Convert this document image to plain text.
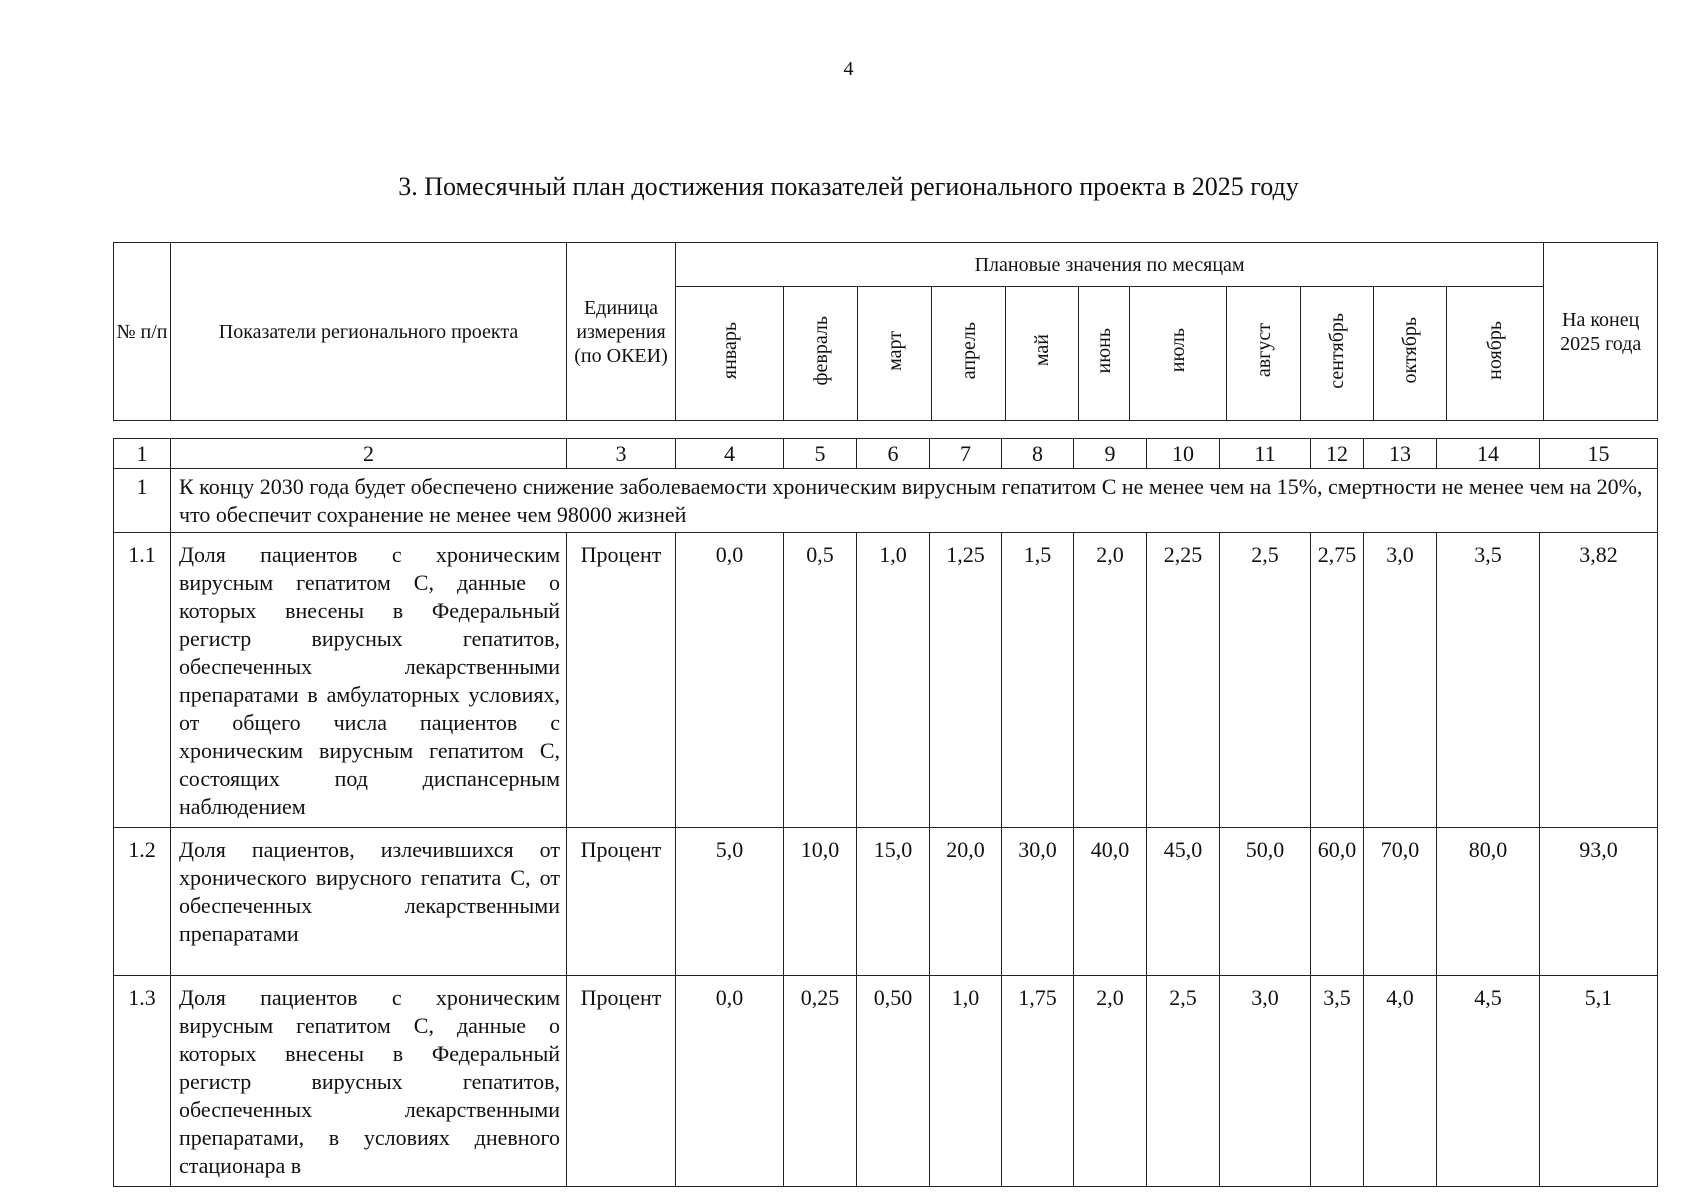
4
3. Помесячный план достижения показателей регионального проекта в 2025 году
№ п/п	Показатели регионального проекта	Единица измерения (по ОКЕИ)	Плановые значения по месяцам											На конец 2025 года
			январь	февраль	март	апрель	май	июнь	июль	август	сентябрь	октябрь	ноябрь	
1	2	3	4	5	6	7	8	9	10	11	12	13	14	15
1	К концу 2030 года будет обеспечено снижение заболеваемости хроническим вирусным гепатитом С не менее чем на 15%, смертности не менее чем на 20%, что обеспечит сохранение не менее чем 98000 жизней													
1.1	Доля пациентов с хроническим вирусным гепатитом С, данные о которых внесены в Федеральный регистр вирусных гепатитов, обеспеченных лекарственными препаратами в амбулаторных условиях, от общего числа пациентов с хроническим вирусным гепатитом С, состоящих под диспансерным наблюдением	Процент	0,0	0,5	1,0	1,25	1,5	2,0	2,25	2,5	2,75	3,0	3,5	3,82
1.2	Доля пациентов, излечившихся от хронического вирусного гепатита С, от обеспеченных лекарственными препаратами	Процент	5,0	10,0	15,0	20,0	30,0	40,0	45,0	50,0	60,0	70,0	80,0	93,0
1.3	Доля пациентов с хроническим вирусным гепатитом С, данные о которых внесены в Федеральный регистр вирусных гепатитов, обеспеченных лекарственными препаратами, в условиях дневного стационара в	Процент	0,0	0,25	0,50	1,0	1,75	2,0	2,5	3,0	3,5	4,0	4,5	5,1
